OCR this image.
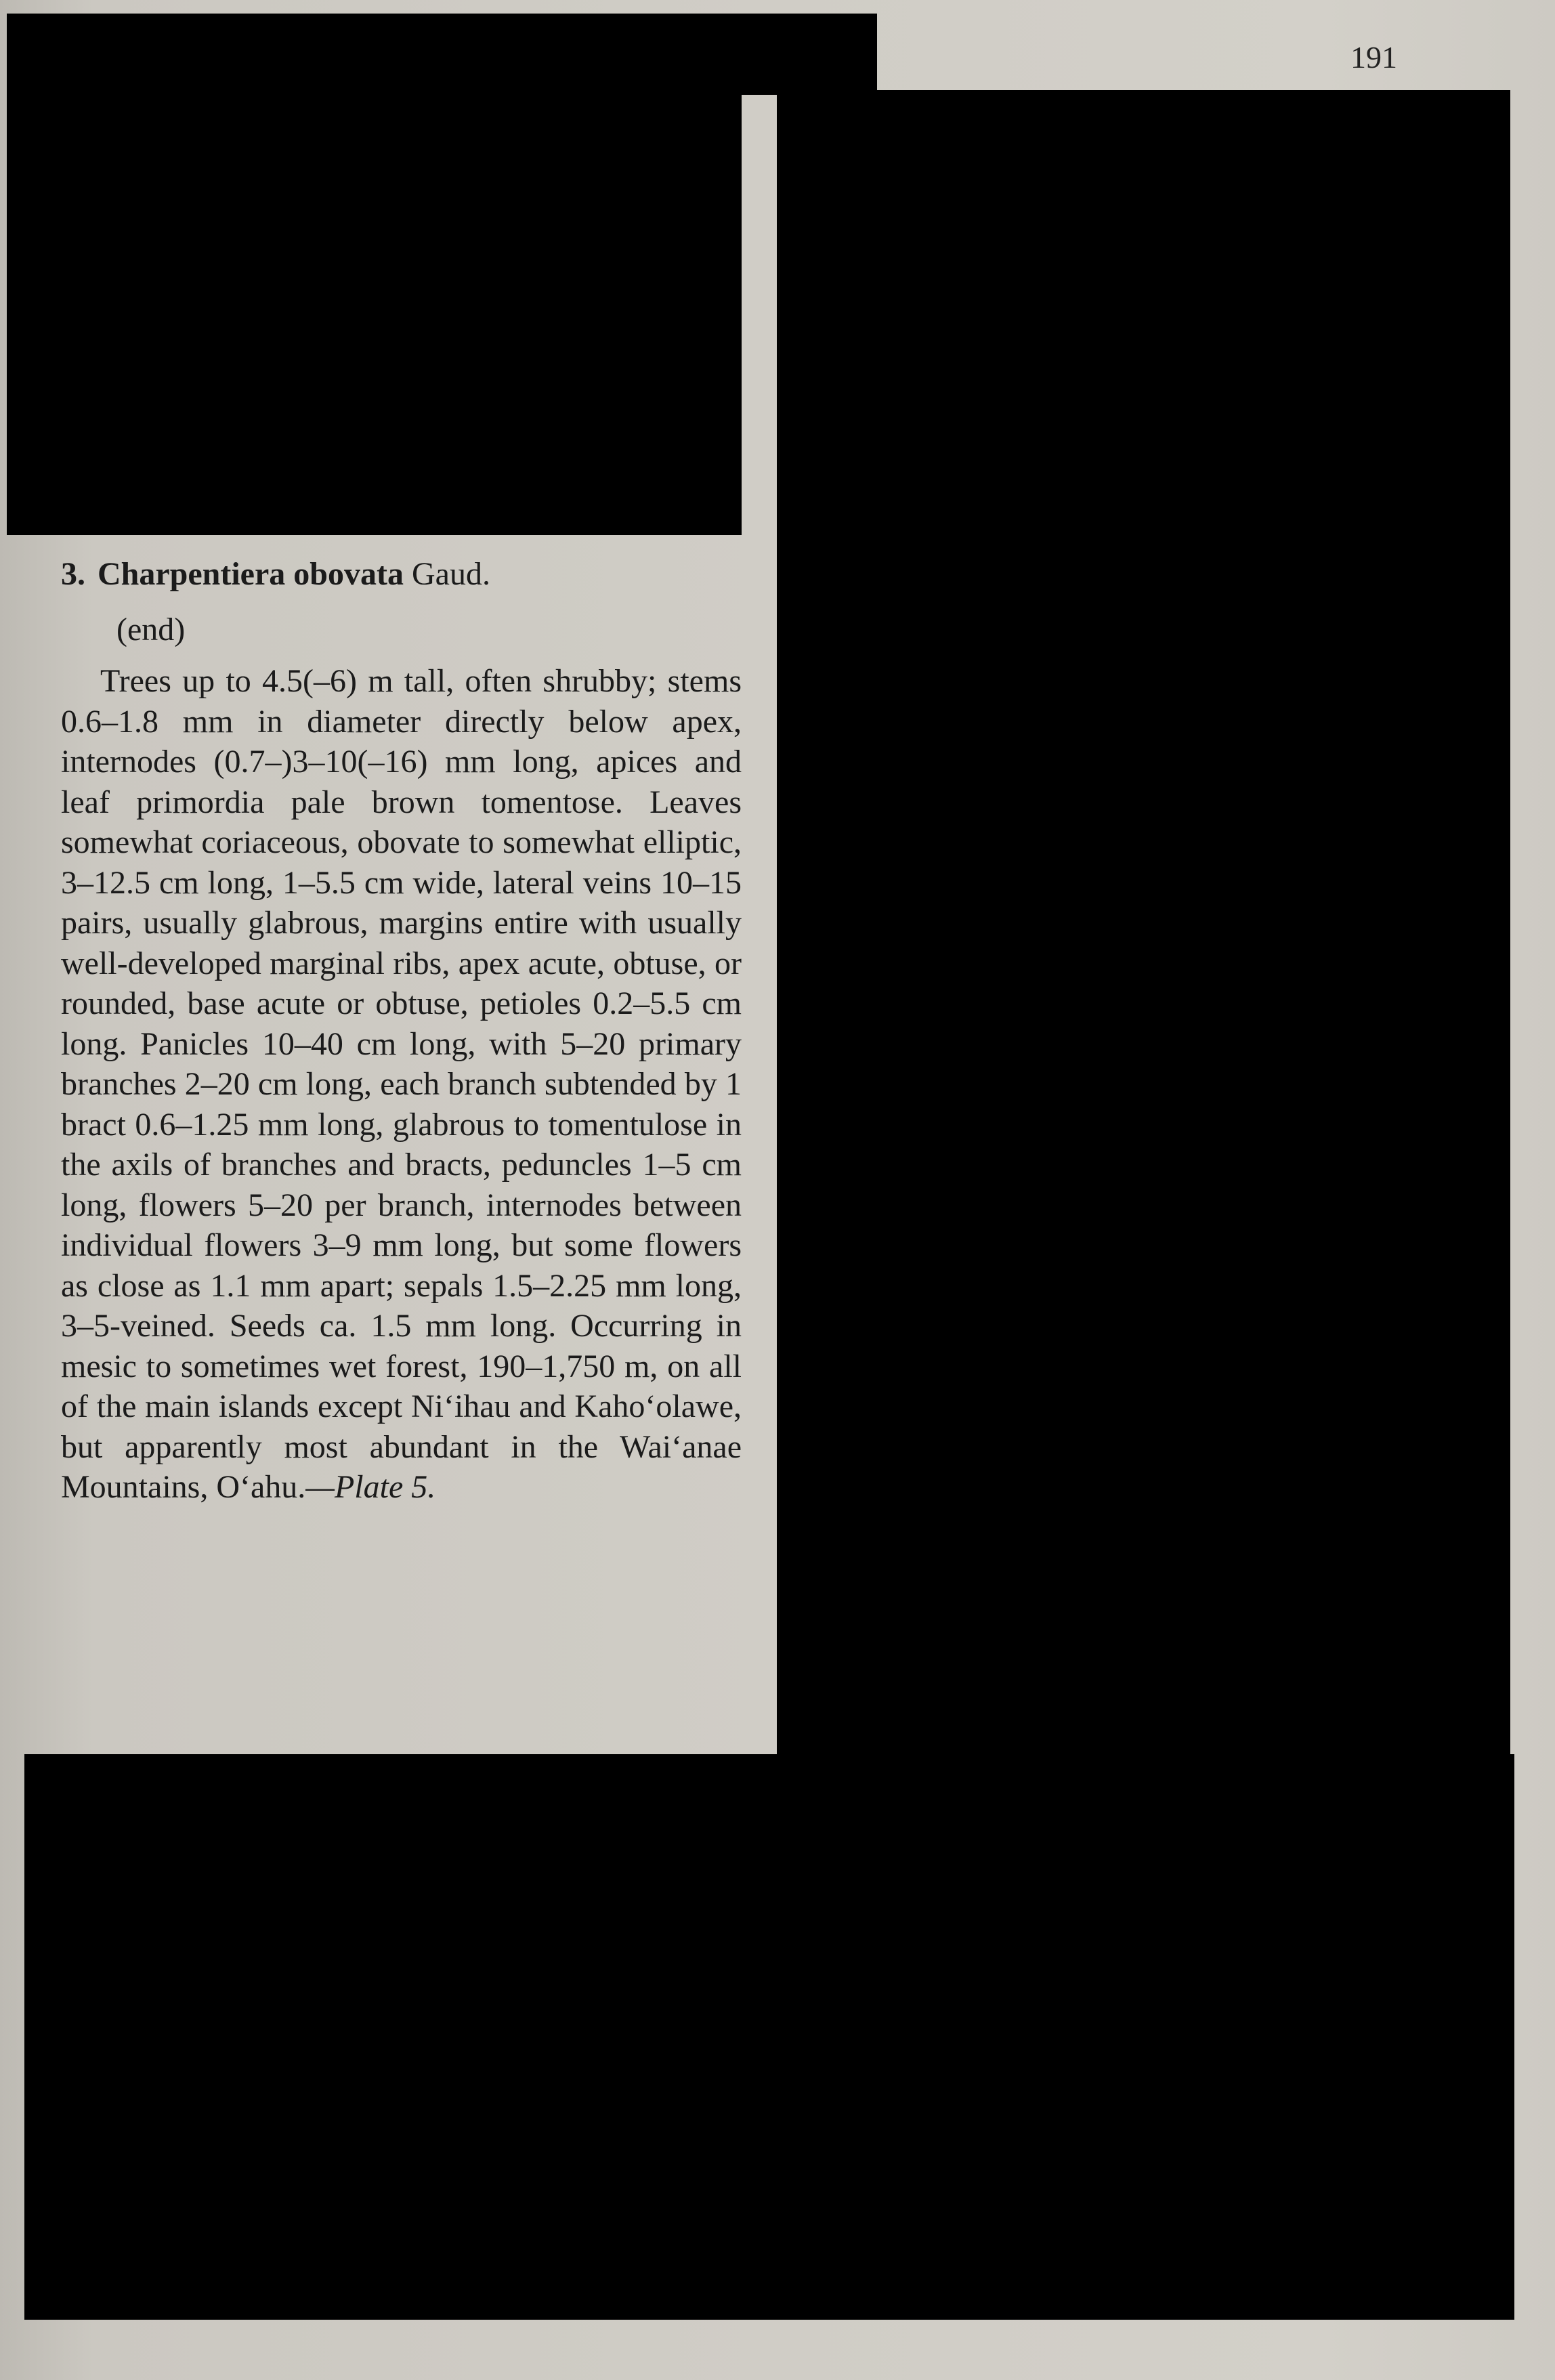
191

3. Charpentiera obovata Gaud.

(end)

Trees up to 4.5(–6) m tall, often shrubby; stems 0.6–1.8 mm in diameter directly below apex, internodes (0.7–)3–10(–16) mm long, apices and leaf primordia pale brown tomentose. Leaves somewhat coriaceous, obovate to somewhat elliptic, 3–12.5 cm long, 1–5.5 cm wide, lateral veins 10–15 pairs, usually glabrous, margins entire with usually well-developed marginal ribs, apex acute, obtuse, or rounded, base acute or obtuse, petioles 0.2–5.5 cm long. Panicles 10–40 cm long, with 5–20 primary branches 2–20 cm long, each branch subtended by 1 bract 0.6–1.25 mm long, glabrous to tomentulose in the axils of branches and bracts, peduncles 1–5 cm long, flowers 5–20 per branch, internodes between individual flowers 3–9 mm long, but some flowers as close as 1.1 mm apart; sepals 1.5–2.25 mm long, 3–5-veined. Seeds ca. 1.5 mm long. Occurring in mesic to sometimes wet forest, 190–1,750 m, on all of the main islands except Ni‘ihau and Kaho‘olawe, but apparently most abundant in the Wai‘anae Mountains, O‘ahu.—Plate 5.
